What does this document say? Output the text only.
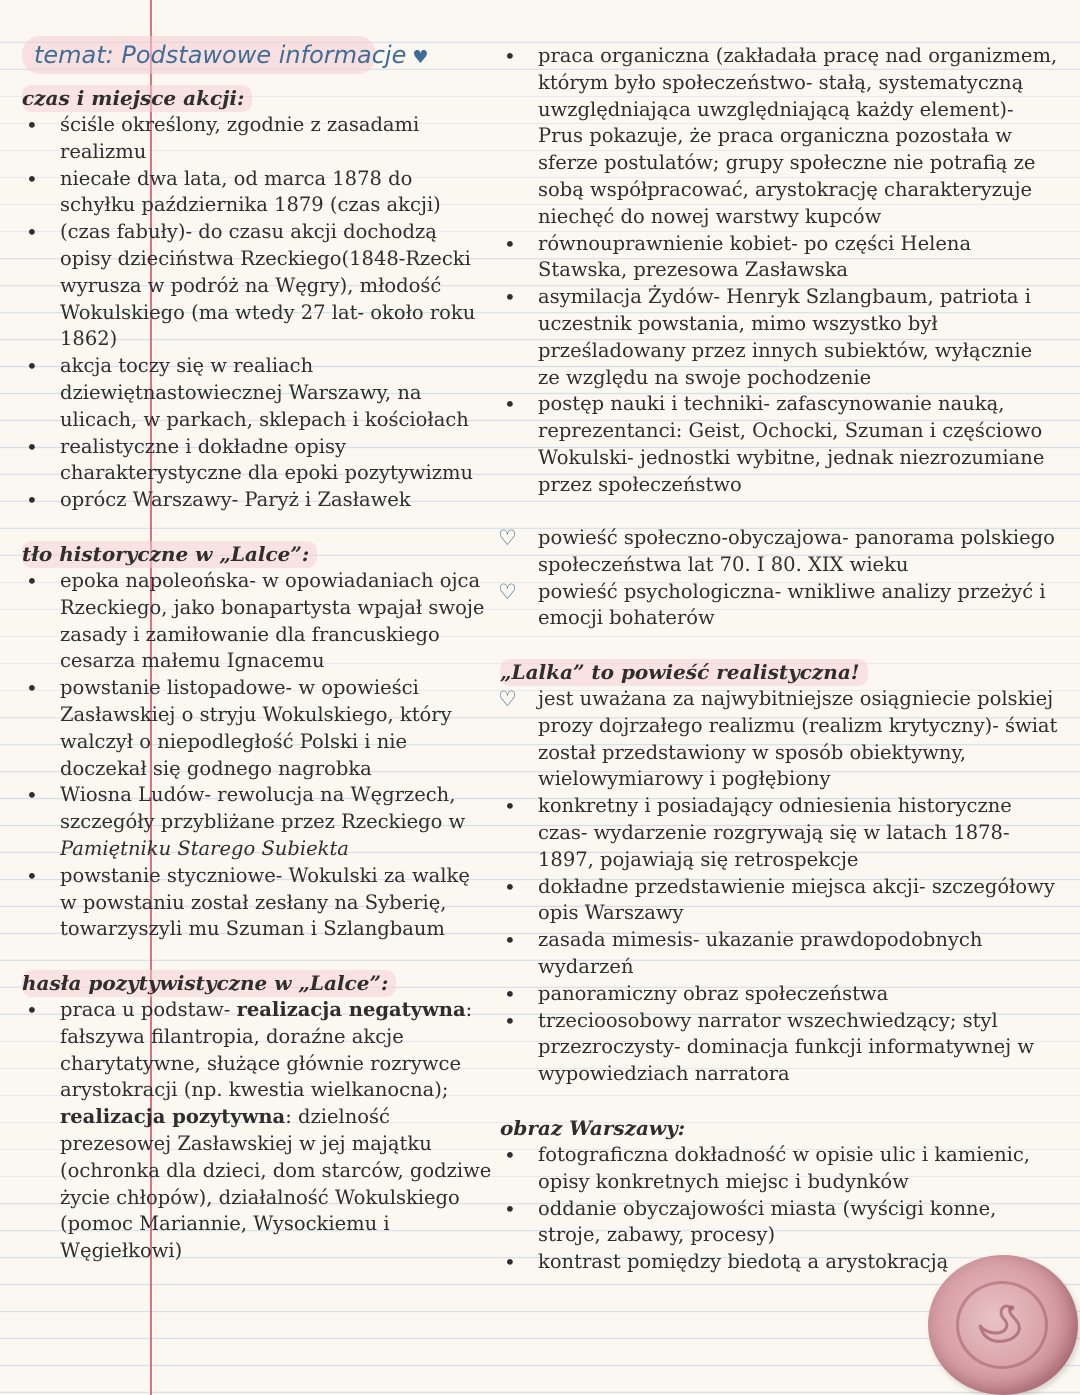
temat: Podstawowe informacje ♥
czas i miejsce akcji:
• ściśle określony, zgodnie z zasadami realizmu
• niecałe dwa lata, od marca 1878 do schyłku października 1879 (czas akcji)
• (czas fabuły)- do czasu akcji dochodzą opisy dzieciństwa Rzeckiego(1848-Rzecki wyrusza w podróż na Węgry), młodość Wokulskiego (ma wtedy 27 lat- około roku 1862)
• akcja toczy się w realiach dziewiętnastowiecznej Warszawy, na ulicach, w parkach, sklepach i kościołach
• realistyczne i dokładne opisy charakterystyczne dla epoki pozytywizmu
• oprócz Warszawy- Paryż i Zasławek
tło historyczne w „Lalce”:
• epoka napoleońska- w opowiadaniach ojca Rzeckiego, jako bonapartysta wpajał swoje zasady i zamiłowanie dla francuskiego cesarza małemu Ignacemu
• powstanie listopadowe- w opowieści Zasławskiej o stryju Wokulskiego, który walczył o niepodległość Polski i nie doczekał się godnego nagrobka
• Wiosna Ludów- rewolucja na Węgrzech, szczegóły przybliżane przez Rzeckiego w Pamiętniku Starego Subiekta
• powstanie styczniowe- Wokulski za walkę w powstaniu został zesłany na Syberię, towarzyszyli mu Szuman i Szlangbaum
hasła pozytywistyczne w „Lalce”:
• praca u podstaw- realizacja negatywna: fałszywa filantropia, doraźne akcje charytatywne, służące głównie rozrywce arystokracji (np. kwestia wielkanocna); realizacja pozytywna: dzielność prezesowej Zasławskiej w jej majątku (ochronka dla dzieci, dom starców, godziwe życie chłopów), działalność Wokulskiego (pomoc Mariannie, Wysockiemu i Węgiełkowi)
• praca organiczna (zakładała pracę nad organizmem, którym było społeczeństwo- stałą, systematyczną uwzględniająca uwzględniającą każdy element)- Prus pokazuje, że praca organiczna pozostała w sferze postulatów; grupy społeczne nie potrafią ze sobą współpracować, arystokrację charakteryzuje niechęć do nowej warstwy kupców
• równouprawnienie kobiet- po części Helena Stawska, prezesowa Zasławska
• asymilacja Żydów- Henryk Szlangbaum, patriota i uczestnik powstania, mimo wszystko był prześladowany przez innych subiektów, wyłącznie ze względu na swoje pochodzenie
• postęp nauki i techniki- zafascynowanie nauką, reprezentanci: Geist, Ochocki, Szuman i częściowo Wokulski- jednostki wybitne, jednak niezrozumiane przez społeczeństwo
♡ powieść społeczno-obyczajowa- panorama polskiego społeczeństwa lat 70. I 80. XIX wieku
♡ powieść psychologiczna- wnikliwe analizy przeżyć i emocji bohaterów
„Lalka” to powieść realistyczna!
♡ jest uważana za najwybitniejsze osiągniecie polskiej prozy dojrzałego realizmu (realizm krytyczny)- świat został przedstawiony w sposób obiektywny, wielowymiarowy i pogłębiony
• konkretny i posiadający odniesienia historyczne czas- wydarzenie rozgrywają się w latach 1878-1897, pojawiają się retrospekcje
• dokładne przedstawienie miejsca akcji- szczegółowy opis Warszawy
• zasada mimesis- ukazanie prawdopodobnych wydarzeń
• panoramiczny obraz społeczeństwa
• trzecioosobowy narrator wszechwiedzący; styl przezroczysty- dominacja funkcji informatywnej w wypowiedziach narratora
obraz Warszawy:
• fotograficzna dokładność w opisie ulic i kamienic, opisy konkretnych miejsc i budynków
• oddanie obyczajowości miasta (wyścigi konne, stroje, zabawy, procesy)
• kontrast pomiędzy biedotą a arystokracją
